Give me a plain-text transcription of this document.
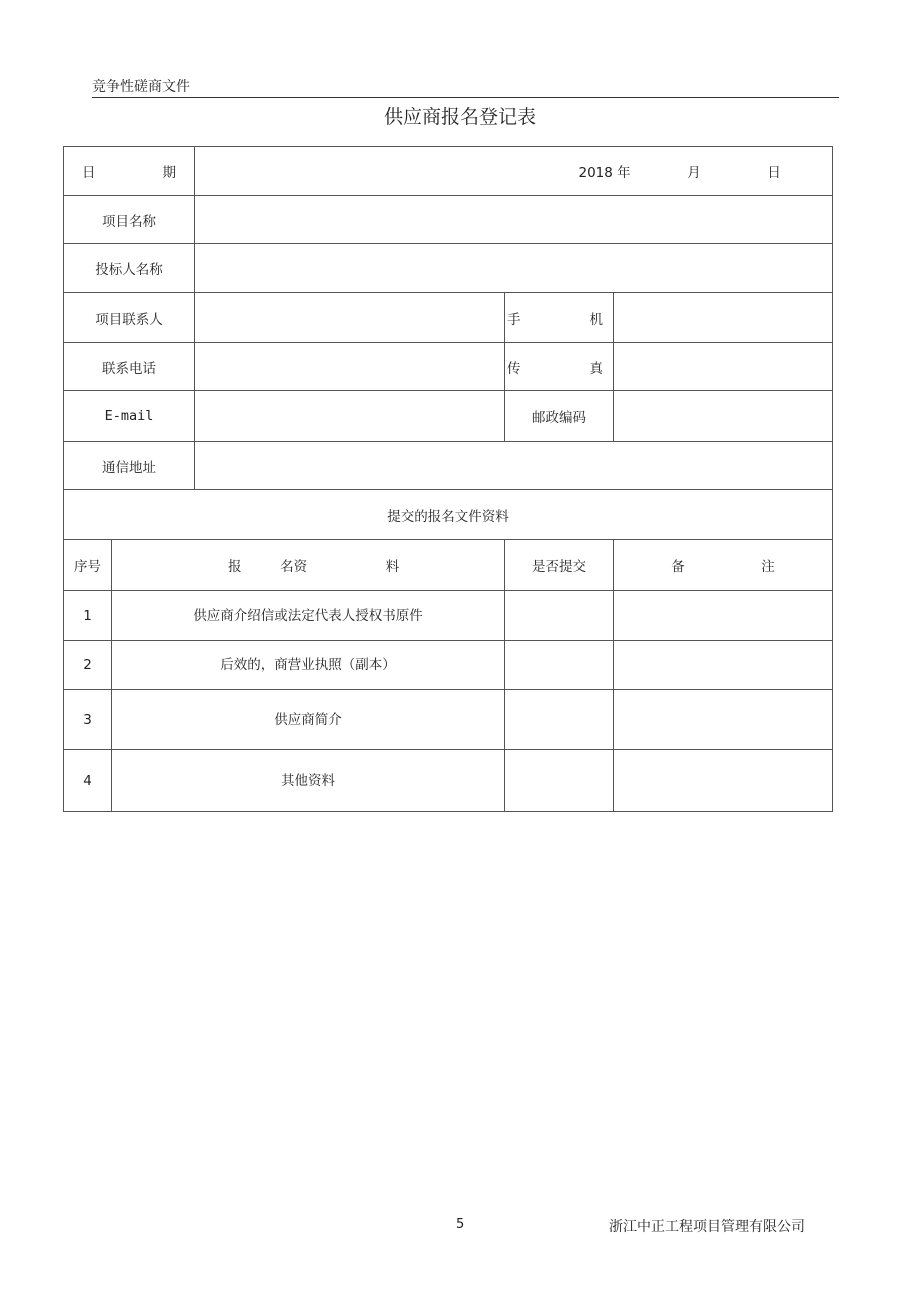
竞争性磋商文件
供应商报名登记表
日 期		2018 年 月 日		
项目名称				
投标人名称				
项目联系人			手 机	

联系电话			传 真	

E-mail			邮政编码	
通信地址				
提交的报名文件资料				
序号	报 名资 料		是否提交	备 注
1	供应商介绍信或法定代表人授权书原件			
2	后效的，商营业执照（副本）			
3	供应商简介			
4	其他资料			
5	浙江中正工程项目管理有限公司
